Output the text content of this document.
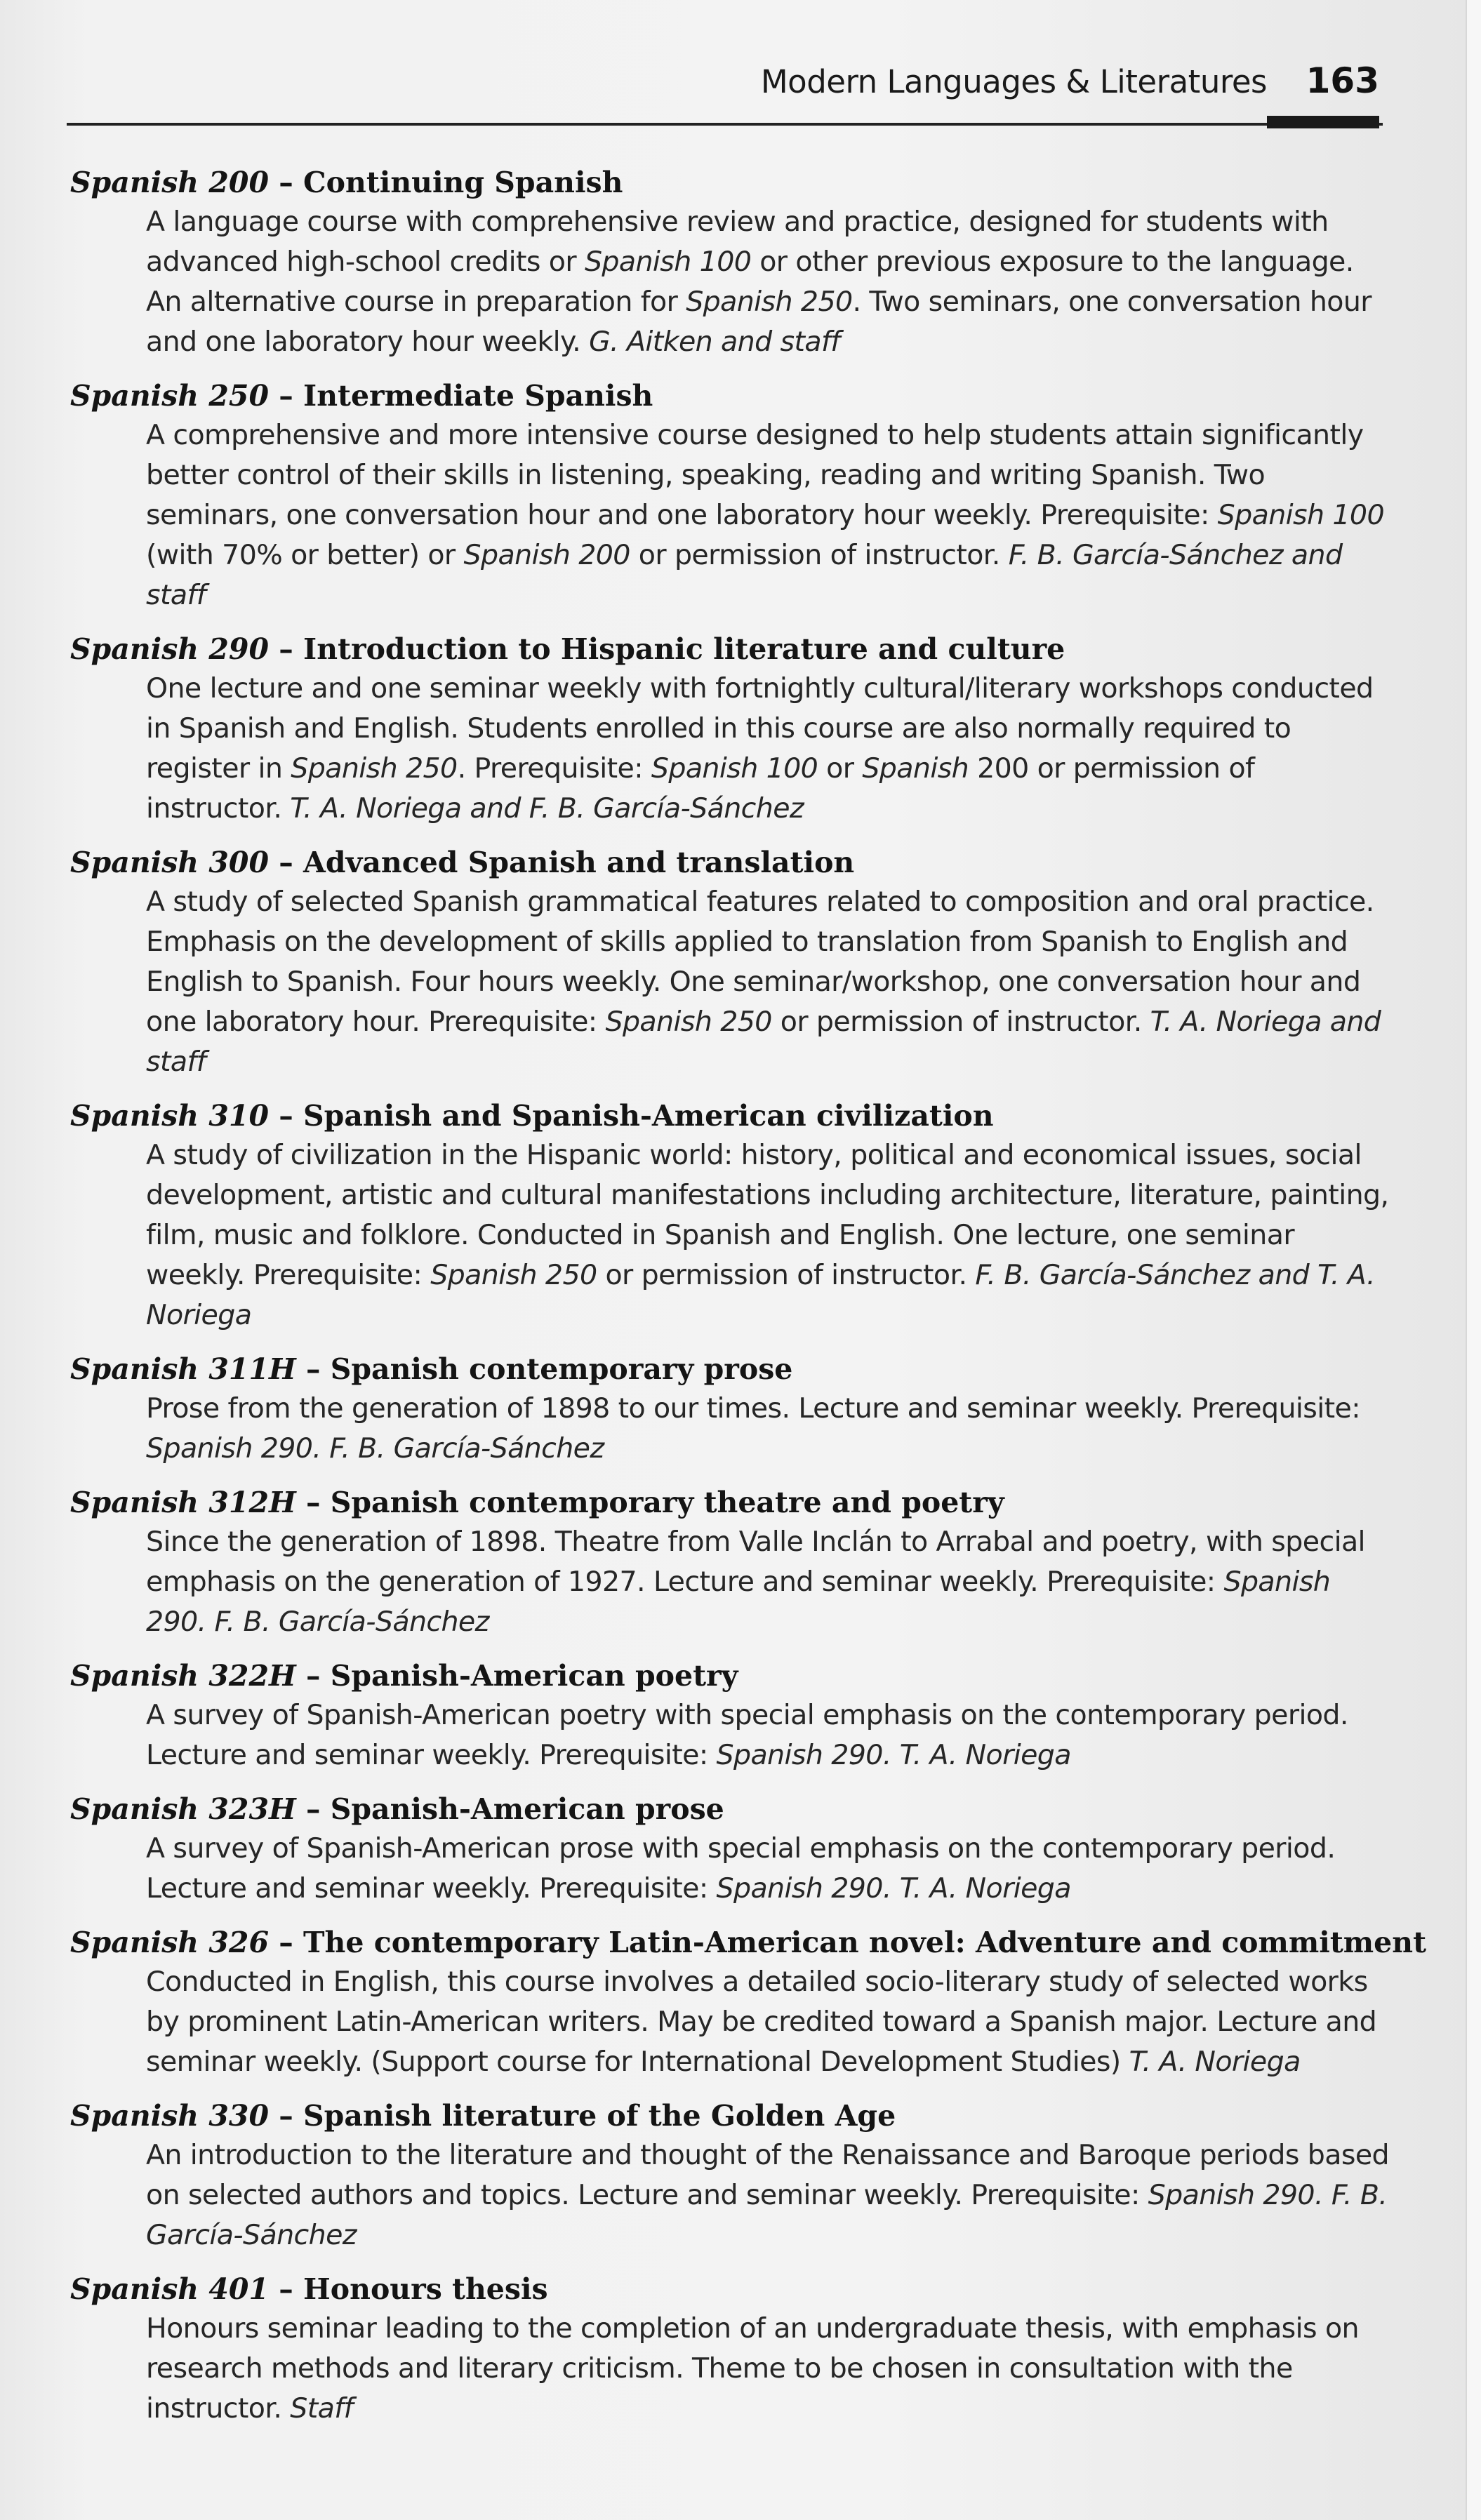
Modern Languages & Literatures 163
Spanish 200 – Continuing Spanish
A language course with comprehensive review and practice, designed for students with advanced high-school credits or Spanish 100 or other previous exposure to the language. An alternative course in preparation for Spanish 250. Two seminars, one conversation hour and one laboratory hour weekly. G. Aitken and staff
Spanish 250 – Intermediate Spanish
A comprehensive and more intensive course designed to help students attain significantly better control of their skills in listening, speaking, reading and writing Spanish. Two seminars, one conversation hour and one laboratory hour weekly. Prerequisite: Spanish 100 (with 70% or better) or Spanish 200 or permission of instructor. F. B. García-Sánchez and staff
Spanish 290 – Introduction to Hispanic literature and culture
One lecture and one seminar weekly with fortnightly cultural/literary workshops conducted in Spanish and English. Students enrolled in this course are also normally required to register in Spanish 250. Prerequisite: Spanish 100 or Spanish 200 or permission of instructor. T. A. Noriega and F. B. García-Sánchez
Spanish 300 – Advanced Spanish and translation
A study of selected Spanish grammatical features related to composition and oral practice. Emphasis on the development of skills applied to translation from Spanish to English and English to Spanish. Four hours weekly. One seminar/workshop, one conversation hour and one laboratory hour. Prerequisite: Spanish 250 or permission of instructor. T. A. Noriega and staff
Spanish 310 – Spanish and Spanish-American civilization
A study of civilization in the Hispanic world: history, political and economical issues, social development, artistic and cultural manifestations including architecture, literature, painting, film, music and folklore. Conducted in Spanish and English. One lecture, one seminar weekly. Prerequisite: Spanish 250 or permission of instructor. F. B. García-Sánchez and T. A. Noriega
Spanish 311H – Spanish contemporary prose
Prose from the generation of 1898 to our times. Lecture and seminar weekly. Prerequisite: Spanish 290. F. B. García-Sánchez
Spanish 312H – Spanish contemporary theatre and poetry
Since the generation of 1898. Theatre from Valle Inclán to Arrabal and poetry, with special emphasis on the generation of 1927. Lecture and seminar weekly. Prerequisite: Spanish 290. F. B. García-Sánchez
Spanish 322H – Spanish-American poetry
A survey of Spanish-American poetry with special emphasis on the contemporary period. Lecture and seminar weekly. Prerequisite: Spanish 290. T. A. Noriega
Spanish 323H – Spanish-American prose
A survey of Spanish-American prose with special emphasis on the contemporary period. Lecture and seminar weekly. Prerequisite: Spanish 290. T. A. Noriega
Spanish 326 – The contemporary Latin-American novel: Adventure and commitment
Conducted in English, this course involves a detailed socio-literary study of selected works by prominent Latin-American writers. May be credited toward a Spanish major. Lecture and seminar weekly. (Support course for International Development Studies) T. A. Noriega
Spanish 330 – Spanish literature of the Golden Age
An introduction to the literature and thought of the Renaissance and Baroque periods based on selected authors and topics. Lecture and seminar weekly. Prerequisite: Spanish 290. F. B. García-Sánchez
Spanish 401 – Honours thesis
Honours seminar leading to the completion of an undergraduate thesis, with emphasis on research methods and literary criticism. Theme to be chosen in consultation with the instructor. Staff
